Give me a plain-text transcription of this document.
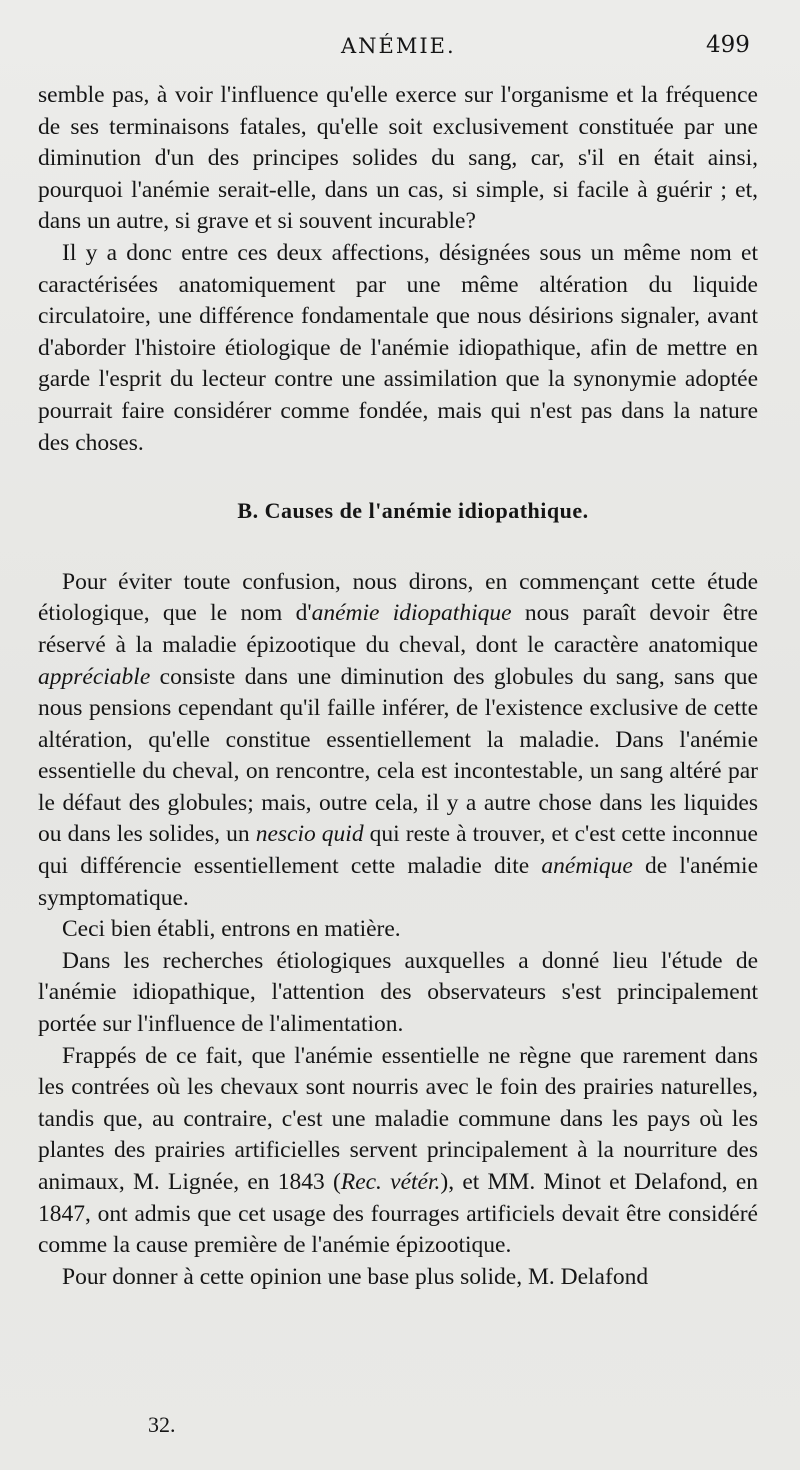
ANÉMIE.	499

semble pas, à voir l'influence qu'elle exerce sur l'organisme et la fréquence de ses terminaisons fatales, qu'elle soit exclusivement constituée par une diminution d'un des principes solides du sang, car, s'il en était ainsi, pourquoi l'anémie serait-elle, dans un cas, si simple, si facile à guérir ; et, dans un autre, si grave et si souvent incurable?

Il y a donc entre ces deux affections, désignées sous un même nom et caractérisées anatomiquement par une même altération du liquide circulatoire, une différence fondamentale que nous désirions signaler, avant d'aborder l'histoire étiologique de l'anémie idiopathique, afin de mettre en garde l'esprit du lecteur contre une assimilation que la synonymie adoptée pourrait faire considérer comme fondée, mais qui n'est pas dans la nature des choses.

B. Causes de l'anémie idiopathique.

Pour éviter toute confusion, nous dirons, en commençant cette étude étiologique, que le nom d'anémie idiopathique nous paraît devoir être réservé à la maladie épizootique du cheval, dont le caractère anatomique appréciable consiste dans une diminution des globules du sang, sans que nous pensions cependant qu'il faille inférer, de l'existence exclusive de cette altération, qu'elle constitue essentiellement la maladie. Dans l'anémie essentielle du cheval, on rencontre, cela est incontestable, un sang altéré par le défaut des globules; mais, outre cela, il y a autre chose dans les liquides ou dans les solides, un nescio quid qui reste à trouver, et c'est cette inconnue qui différencie essentiellement cette maladie dite anémique de l'anémie symptomatique.

Ceci bien établi, entrons en matière.

Dans les recherches étiologiques auxquelles a donné lieu l'étude de l'anémie idiopathique, l'attention des observateurs s'est principalement portée sur l'influence de l'alimentation.

Frappés de ce fait, que l'anémie essentielle ne règne que rarement dans les contrées où les chevaux sont nourris avec le foin des prairies naturelles, tandis que, au contraire, c'est une maladie commune dans les pays où les plantes des prairies artificielles servent principalement à la nourriture des animaux, M. Lignée, en 1843 (Rec. vétér.), et MM. Minot et Delafond, en 1847, ont admis que cet usage des fourrages artificiels devait être considéré comme la cause première de l'anémie épizootique.

Pour donner à cette opinion une base plus solide, M. Delafond

32.
